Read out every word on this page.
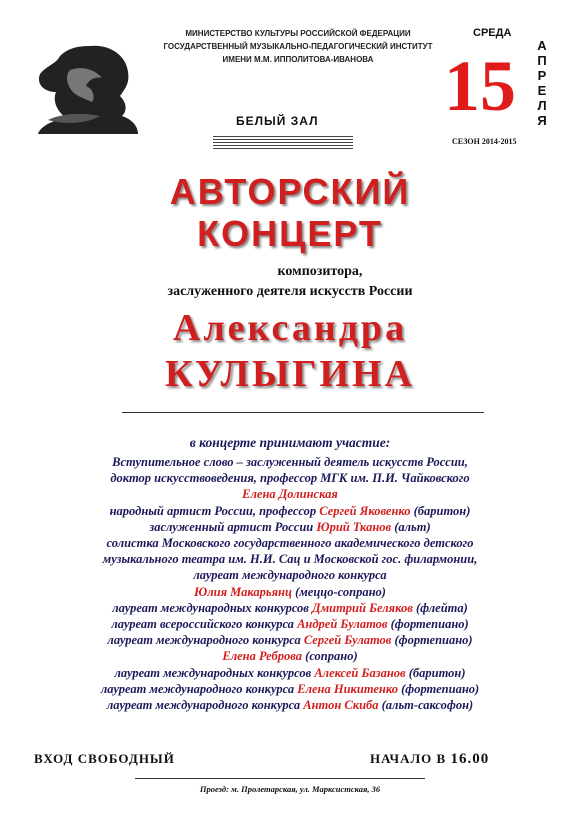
МИНИСТЕРСТВО КУЛЬТУРЫ РОССИЙСКОЙ ФЕДЕРАЦИИ
ГОСУДАРСТВЕННЫЙ МУЗЫКАЛЬНО-ПЕДАГОГИЧЕСКИЙ ИНСТИТУТ
ИМЕНИ М.М. ИППОЛИТОВА-ИВАНОВА
БЕЛЫЙ ЗАЛ
СРЕДА
15
А
П
Р
Е
Л
Я
СЕЗОН 2014-2015
АВТОРСКИЙ
КОНЦЕРТ
композитора,
заслуженного деятеля искусств России
Александра
КУЛЫГИНА
в концерте принимают участие:
Вступительное слово – заслуженный деятель искусств России,
доктор искусствоведения, профессор МГК им. П.И. Чайковского
Елена Долинская
народный артист России, профессор Сергей Яковенко (баритон)
заслуженный артист России Юрий Тканов (альт)
солистка Московского государственного академического детского
музыкального театра им. Н.И. Сац и Московской гос. филармонии,
лауреат международного конкурса
Юлия Макарьянц (меццо-сопрано)
лауреат международных конкурсов Дмитрий Беляков (флейта)
лауреат всероссийского конкурса Андрей Булатов (фортепиано)
лауреат международного конкурса Сергей Булатов (фортепиано)
Елена Реброва (сопрано)
лауреат международных конкурсов Алексей Базанов (баритон)
лауреат международного конкурса Елена Никитенко (фортепиано)
лауреат международного конкурса Антон Скиба (альт-саксофон)
ВХОД СВОБОДНЫЙ	НАЧАЛО В 16.00
Проезд: м. Пролетарская, ул. Марксистская, 36
